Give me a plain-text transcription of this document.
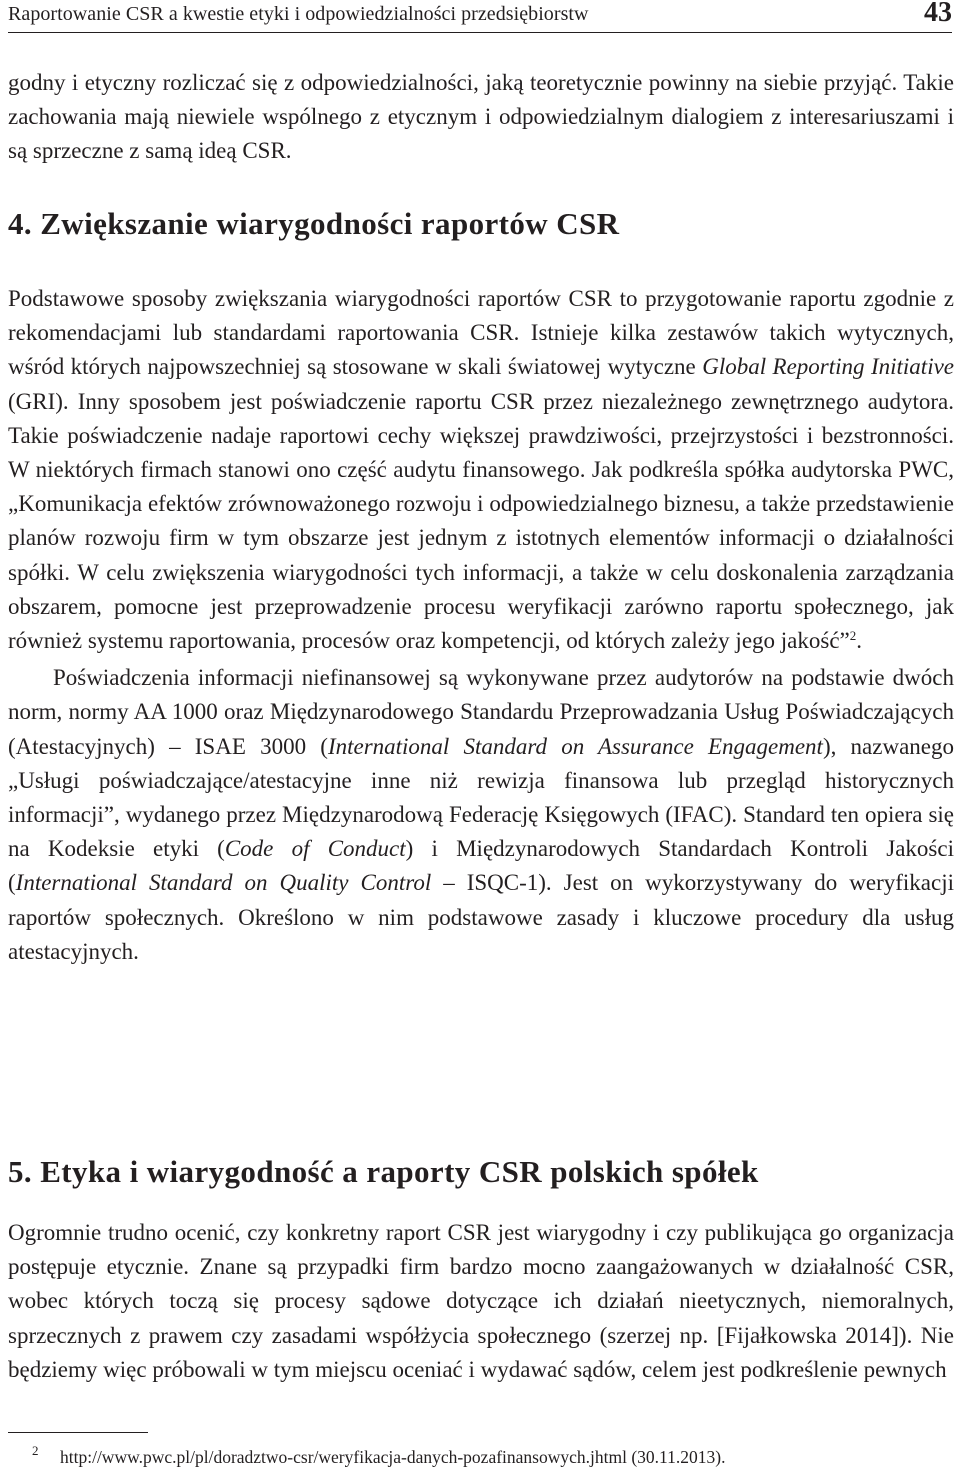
Raportowanie CSR a kwestie etyki i odpowiedzialności przedsiębiorstw	43

godny i etyczny rozliczać się z odpowiedzialności, jaką teoretycznie powinny na siebie przyjąć. Takie zachowania mają niewiele wspólnego z etycznym i odpowiedzialnym dialogiem z interesariuszami i są sprzeczne z samą ideą CSR.

4. Zwiększanie wiarygodności raportów CSR

Podstawowe sposoby zwiększania wiarygodności raportów CSR to przygotowanie raportu zgodnie z rekomendacjami lub standardami raportowania CSR. Istnieje kilka zestawów takich wytycznych, wśród których najpowszechniej są stosowane w skali światowej wytyczne Global Reporting Initiative (GRI). Inny sposobem jest poświadczenie raportu CSR przez niezależnego zewnętrznego audytora. Takie poświadczenie nadaje raportowi cechy większej prawdziwości, przejrzystości i bezstronności. W niektórych firmach stanowi ono część audytu finansowego. Jak podkreśla spółka audytorska PWC, „Komunikacja efektów zrównoważonego rozwoju i odpowiedzialnego biznesu, a także przedstawienie planów rozwoju firm w tym obszarze jest jednym z istotnych elementów informacji o działalności spółki. W celu zwiększenia wiarygodności tych informacji, a także w celu doskonalenia zarządzania obszarem, pomocne jest przeprowadzenie procesu weryfikacji zarówno raportu społecznego, jak również systemu raportowania, procesów oraz kompetencji, od których zależy jego jakość”$^2$.

Poświadczenia informacji niefinansowej są wykonywane przez audytorów na podstawie dwóch norm, normy AA 1000 oraz Międzynarodowego Standardu Przeprowadzania Usług Poświadczających (Atestacyjnych) – ISAE 3000 (International Standard on Assurance Engagement), nazwanego „Usługi poświadczające/atestacyjne inne niż rewizja finansowa lub przegląd historycznych informacji”, wydanego przez Międzynarodową Federację Księgowych (IFAC). Standard ten opiera się na Kodeksie etyki (Code of Conduct) i Międzynarodowych Standardach Kontroli Jakości (International Standard on Quality Control – ISQC-1). Jest on wykorzystywany do weryfikacji raportów społecznych. Określono w nim podstawowe zasady i kluczowe procedury dla usług atestacyjnych.

5. Etyka i wiarygodność a raporty CSR polskich spółek

Ogromnie trudno ocenić, czy konkretny raport CSR jest wiarygodny i czy publikująca go organizacja postępuje etycznie. Znane są przypadki firm bardzo mocno zaangażowanych w działalność CSR, wobec których toczą się procesy sądowe dotyczące ich działań nieetycznych, niemoralnych, sprzecznych z prawem czy zasadami współżycia społecznego (szerzej np. [Fijałkowska 2014]). Nie będziemy więc próbowali w tym miejscu oceniać i wydawać sądów, celem jest podkreślenie pewnych

2 http://www.pwc.pl/pl/doradztwo-csr/weryfikacja-danych-pozafinansowych.jhtml (30.11.2013).
